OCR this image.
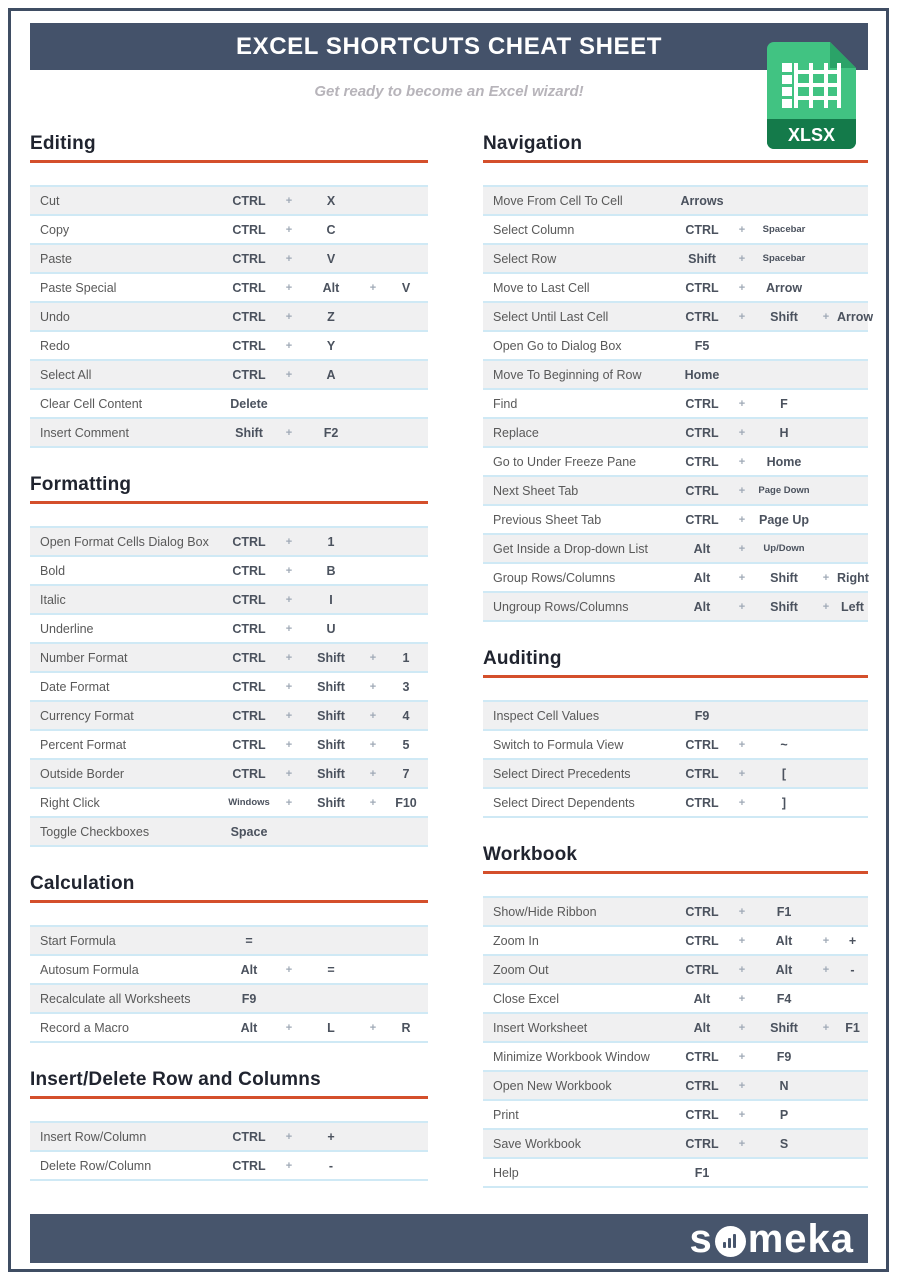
EXCEL SHORTCUTS CHEAT SHEET
Get ready to become an Excel wizard!
XLSX
Editing
Cut	CTRL	+	X
Copy	CTRL	+	C
Paste	CTRL	+	V
Paste Special	CTRL	+	Alt	+	V
Undo	CTRL	+	Z
Redo	CTRL	+	Y
Select All	CTRL	+	A
Clear Cell Content	Delete
Insert Comment	Shift	+	F2
Formatting
Open Format Cells Dialog Box	CTRL	+	1
Bold	CTRL	+	B
Italic	CTRL	+	I
Underline	CTRL	+	U
Number Format	CTRL	+	Shift	+	1
Date Format	CTRL	+	Shift	+	3
Currency Format	CTRL	+	Shift	+	4
Percent Format	CTRL	+	Shift	+	5
Outside Border	CTRL	+	Shift	+	7
Right Click	Windows	+	Shift	+	F10
Toggle Checkboxes	Space
Calculation
Start Formula	=
Autosum Formula	Alt	+	=
Recalculate all Worksheets	F9
Record a Macro	Alt	+	L	+	R
Insert/Delete Row and Columns
Insert Row/Column	CTRL	+	+
Delete Row/Column	CTRL	+	-
Navigation
Move From Cell To Cell	Arrows
Select Column	CTRL	+	Spacebar
Select Row	Shift	+	Spacebar
Move to Last Cell	CTRL	+	Arrow
Select Until Last Cell	CTRL	+	Shift	+ Arrow
Open Go to Dialog Box	F5
Move To Beginning of Row	Home
Find	CTRL	+	F
Replace	CTRL	+	H
Go to Under Freeze Pane	CTRL	+	Home
Next Sheet Tab	CTRL	+	Page Down
Previous Sheet Tab	CTRL	+	Page Up
Get Inside a Drop-down List	Alt	+	Up/Down
Group Rows/Columns	Alt	+	Shift	+ Right
Ungroup Rows/Columns	Alt	+	Shift	+ Left
Auditing
Inspect Cell Values	F9
Switch to Formula View	CTRL	+	~
Select Direct Precedents	CTRL	+	[
Select Direct Dependents	CTRL	+	]
Workbook
Show/Hide Ribbon	CTRL	+	F1
Zoom In	CTRL	+	Alt	+	+
Zoom Out	CTRL	+	Alt	+	-
Close Excel	Alt	+	F4
Insert Worksheet	Alt	+	Shift	+	F1
Minimize Workbook Window	CTRL	+	F9
Open New Workbook	CTRL	+	N
Print	CTRL	+	P
Save Workbook	CTRL	+	S
Help	F1
s meka
